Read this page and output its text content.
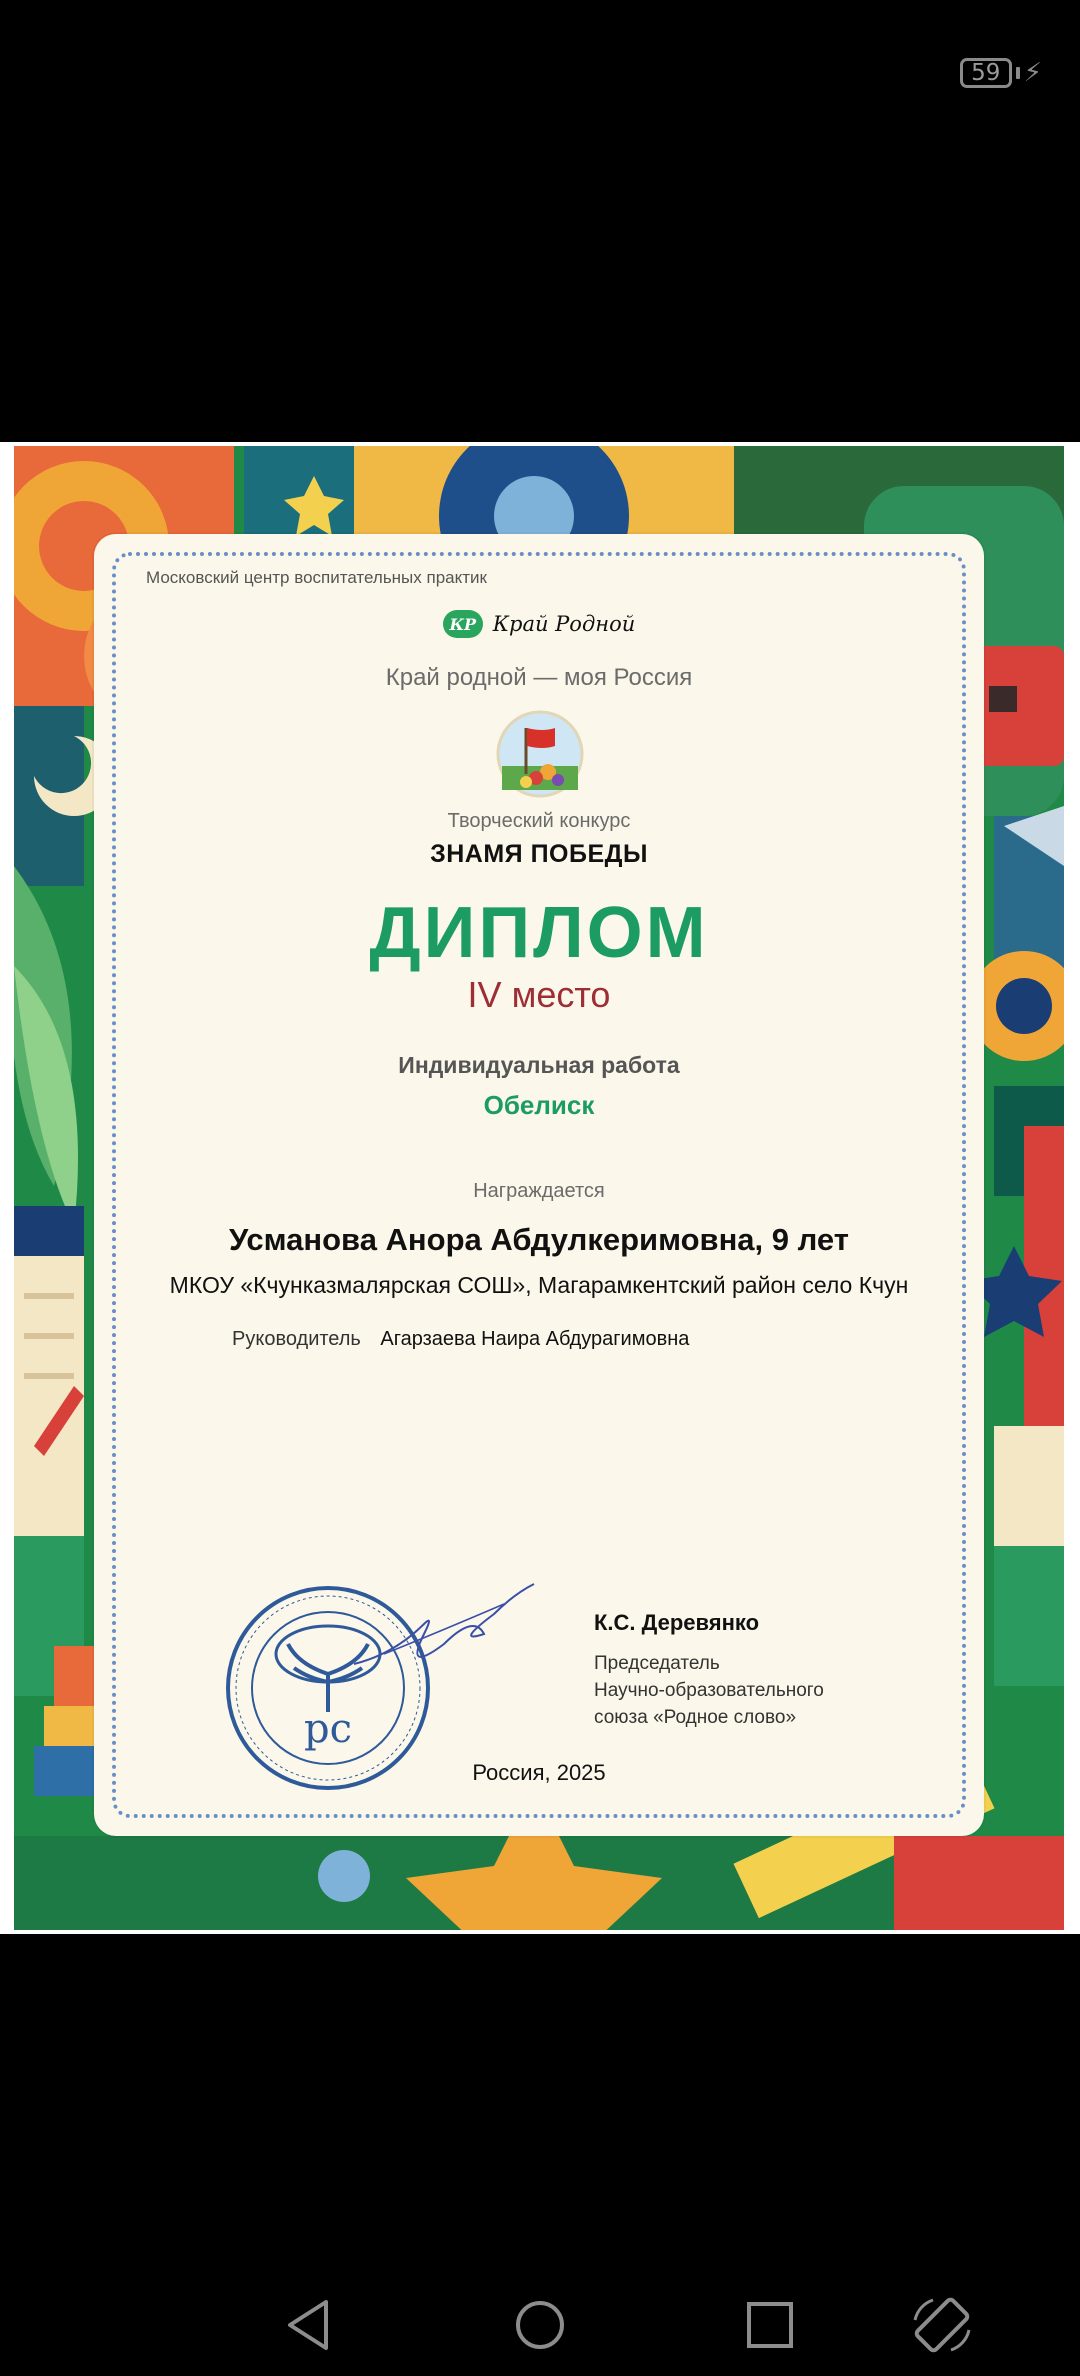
59 ⚡
Московский центр воспитательных практик
КР Край Родной
Край родной — моя Россия
Творческий конкурс
ЗНАМЯ ПОБЕДЫ
ДИПЛОМ
IV место
Индивидуальная работа
Обелиск
Награждается
Усманова Анора Абдулкеримовна, 9 лет
МКОУ «Кчунказмалярская СОШ», Магарамкентский район село Кчун
Руководитель Агарзаева Наира Абдурагимовна
рс
К.С. Деревянко
Председатель
Научно-образовательного
союза «Родное слово»
Россия, 2025
